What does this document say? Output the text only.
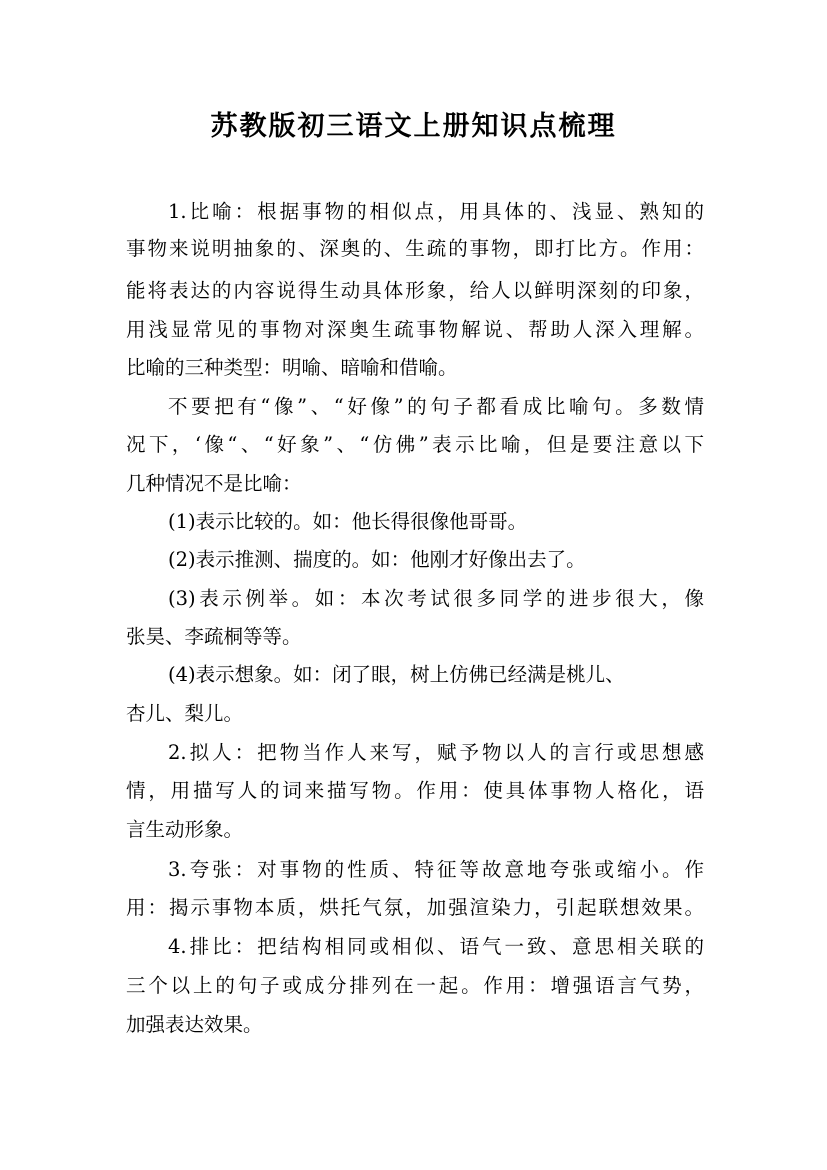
苏教版初三语文上册知识点梳理

1.比喻：根据事物的相似点，用具体的、浅显、熟知的

事物来说明抽象的、深奥的、生疏的事物，即打比方。作用：

能将表达的内容说得生动具体形象，给人以鲜明深刻的印象，

用浅显常见的事物对深奥生疏事物解说、帮助人深入理解。

比喻的三种类型：明喻、暗喻和借喻。

不要把有“像”、“好像”的句子都看成比喻句。多数情

况下，‘像“、“好象”、“仿佛”表示比喻，但是要注意以下

几种情况不是比喻：

(1)表示比较的。如：他长得很像他哥哥。

(2)表示推测、揣度的。如：他刚才好像出去了。

(3)表示例举。如：本次考试很多同学的进步很大，像

张昊、李疏桐等等。

(4)表示想象。如：闭了眼，树上仿佛已经满是桃儿、

杏儿、梨儿。

2.拟人：把物当作人来写，赋予物以人的言行或思想感

情，用描写人的词来描写物。作用：使具体事物人格化，语

言生动形象。

3.夸张：对事物的性质、特征等故意地夸张或缩小。作

用：揭示事物本质，烘托气氛，加强渲染力，引起联想效果。

4.排比：把结构相同或相似、语气一致、意思相关联的

三个以上的句子或成分排列在一起。作用：增强语言气势，

加强表达效果。
